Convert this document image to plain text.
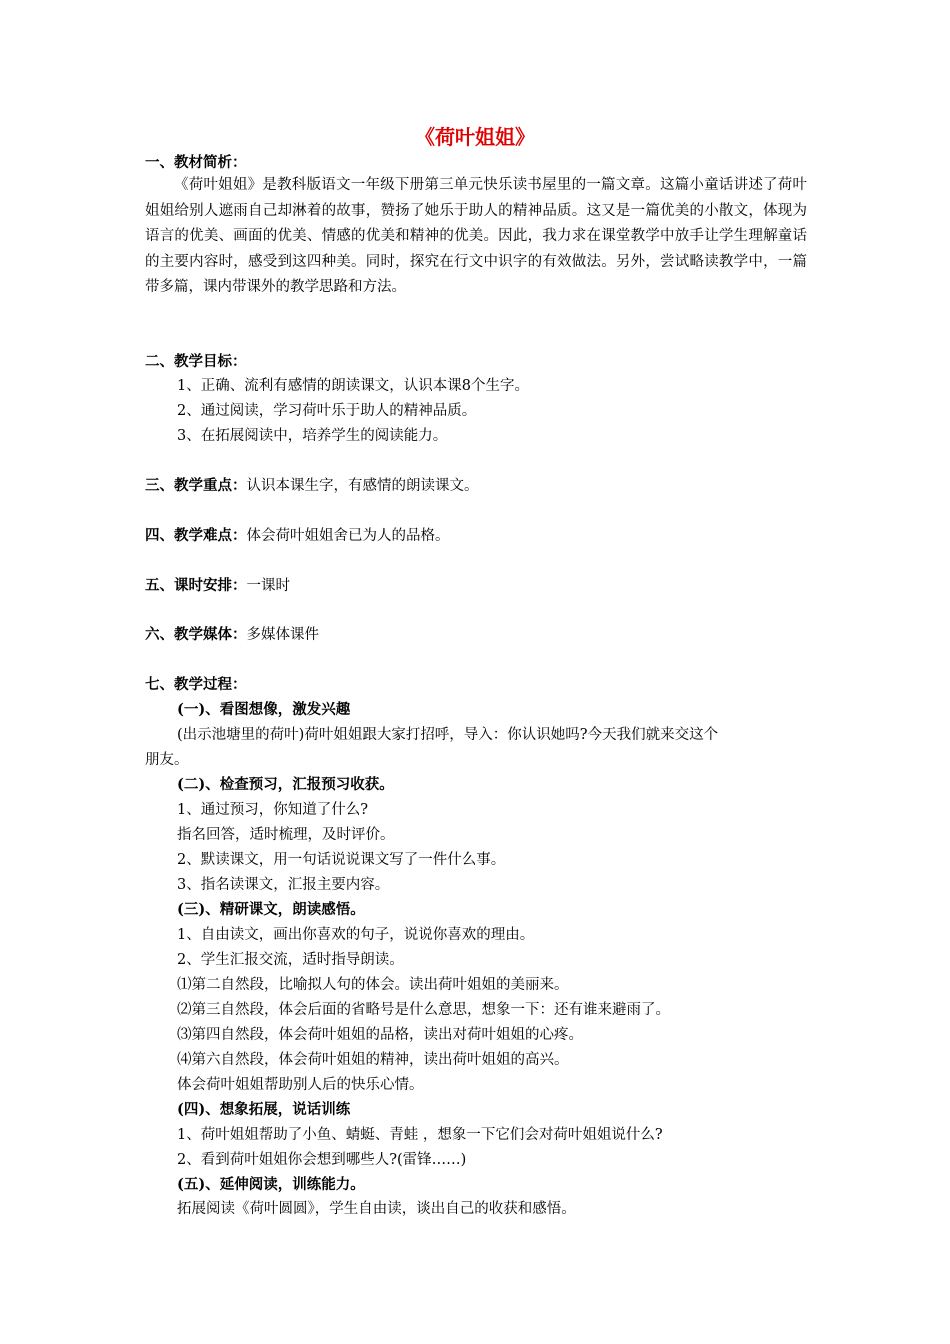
《荷叶姐姐》
一、教材简析：
《荷叶姐姐》是教科版语文一年级下册第三单元快乐读书屋里的一篇文章。这篇小童话讲述了荷叶姐姐给别人遮雨自己却淋着的故事，赞扬了她乐于助人的精神品质。这又是一篇优美的小散文，体现为语言的优美、画面的优美、情感的优美和精神的优美。因此，我力求在课堂教学中放手让学生理解童话的主要内容时，感受到这四种美。同时，探究在行文中识字的有效做法。另外，尝试略读教学中，一篇带多篇，课内带课外的教学思路和方法。
二、教学目标：
1、正确、流利有感情的朗读课文，认识本课8个生字。
2、通过阅读，学习荷叶乐于助人的精神品质。
3、在拓展阅读中，培养学生的阅读能力。
三、教学重点：认识本课生字，有感情的朗读课文。
四、教学难点：体会荷叶姐姐舍已为人的品格。
五、课时安排：一课时
六、教学媒体：多媒体课件
七、教学过程：
(一)、看图想像，激发兴趣
(出示池塘里的荷叶)荷叶姐姐跟大家打招呼，导入：你认识她吗?今天我们就来交这个
朋友。
(二)、检查预习，汇报预习收获。
1、通过预习，你知道了什么?
指名回答，适时梳理，及时评价。
2、默读课文，用一句话说说课文写了一件什么事。
3、指名读课文，汇报主要内容。
(三)、精研课文，朗读感悟。
1、自由读文，画出你喜欢的句子，说说你喜欢的理由。
2、学生汇报交流，适时指导朗读。
⑴第二自然段，比喻拟人句的体会。读出荷叶姐姐的美丽来。
⑵第三自然段，体会后面的省略号是什么意思，想象一下：还有谁来避雨了。
⑶第四自然段，体会荷叶姐姐的品格，读出对荷叶姐姐的心疼。
⑷第六自然段，体会荷叶姐姐的精神，读出荷叶姐姐的高兴。
体会荷叶姐姐帮助别人后的快乐心情。
(四)、想象拓展，说话训练
1、荷叶姐姐帮助了小鱼、蜻蜓、青蛙 ，想象一下它们会对荷叶姐姐说什么?
2、看到荷叶姐姐你会想到哪些人?(雷锋……)
(五)、延伸阅读，训练能力。
拓展阅读《荷叶圆圆》，学生自由读，谈出自己的收获和感悟。
